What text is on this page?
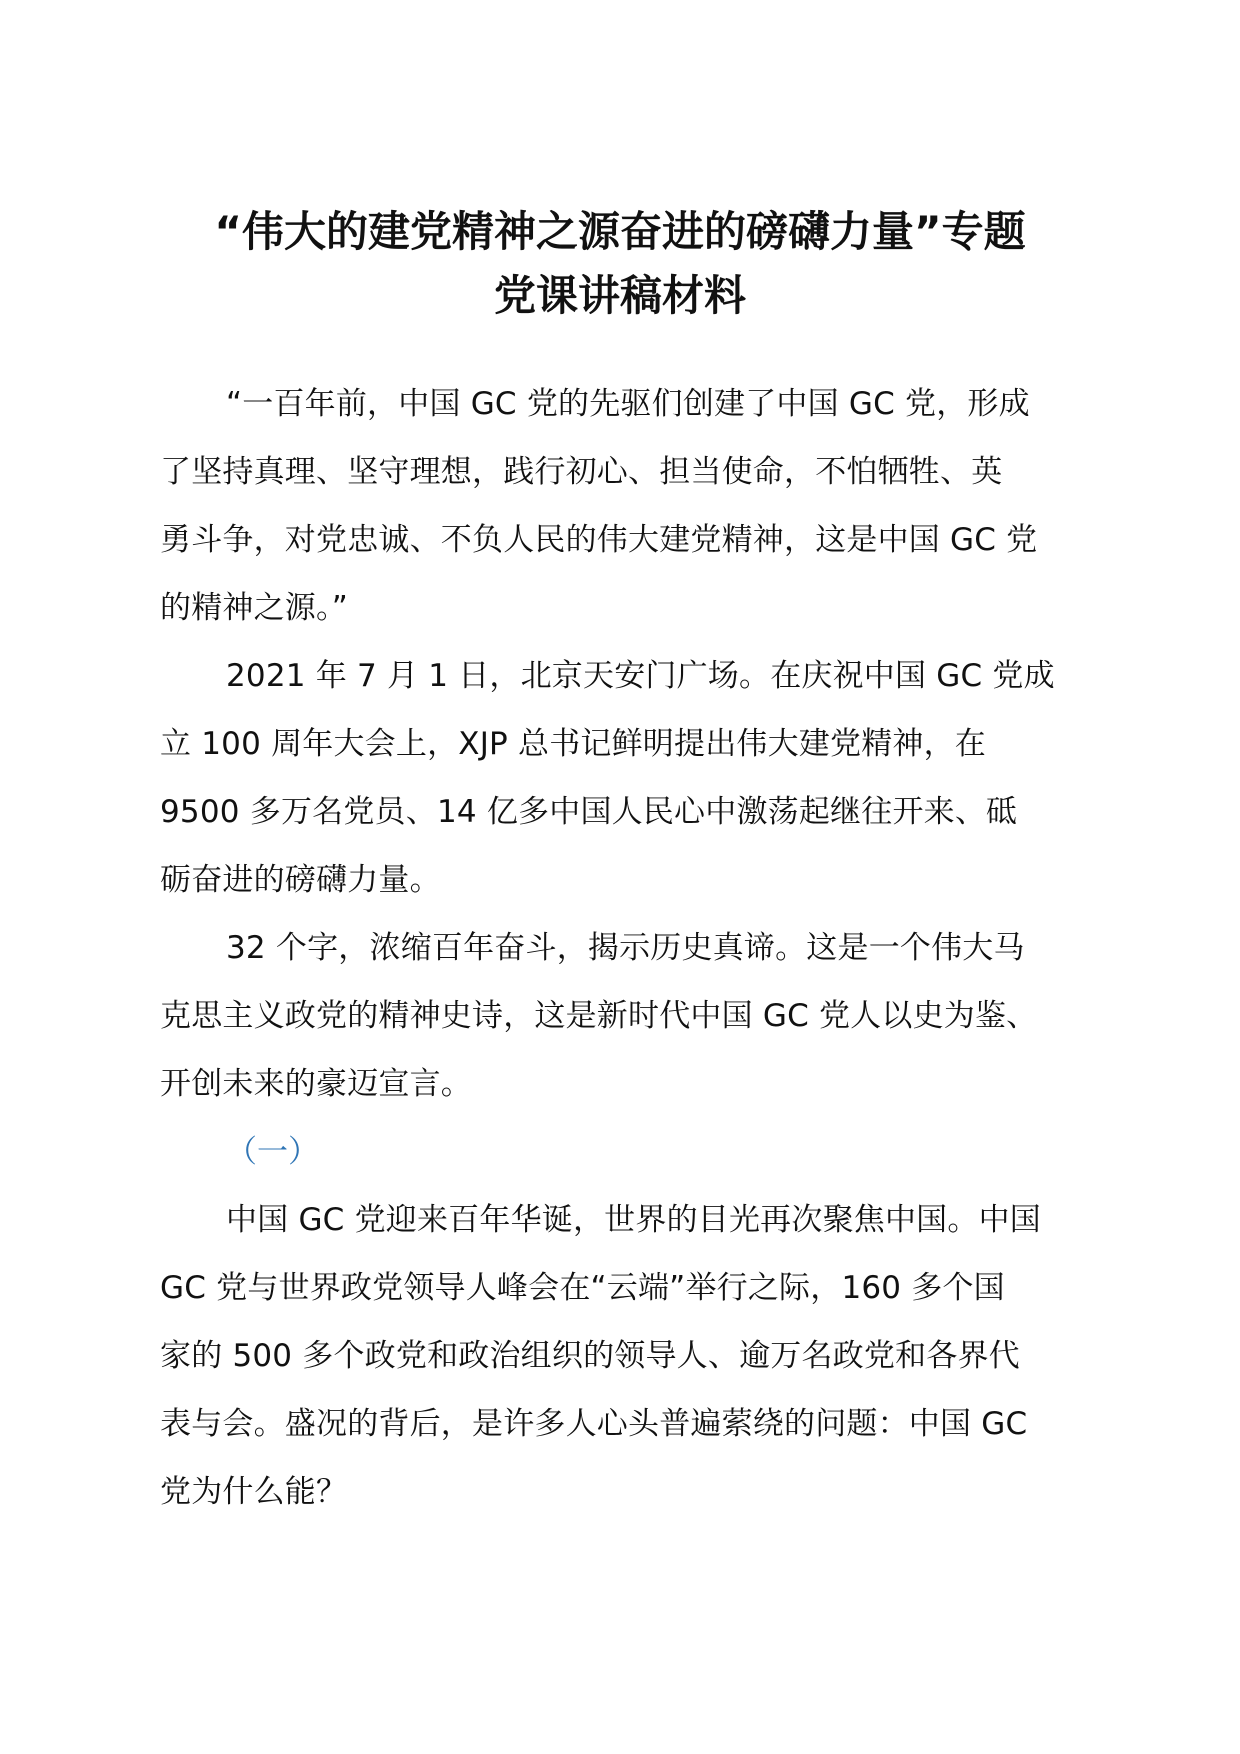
“伟大的建党精神之源奋进的磅礴力量”专题
党课讲稿材料

“一百年前，中国 GC 党的先驱们创建了中国 GC 党，形成
了坚持真理、坚守理想，践行初心、担当使命，不怕牺牲、英
勇斗争，对党忠诚、不负人民的伟大建党精神，这是中国 GC 党
的精神之源。”

2021 年 7 月 1 日，北京天安门广场。在庆祝中国 GC 党成
立 100 周年大会上，XJP 总书记鲜明提出伟大建党精神，在
9500 多万名党员、14 亿多中国人民心中激荡起继往开来、砥
砺奋进的磅礴力量。

32 个字，浓缩百年奋斗，揭示历史真谛。这是一个伟大马
克思主义政党的精神史诗，这是新时代中国 GC 党人以史为鉴、
开创未来的豪迈宣言。

（一）

中国 GC 党迎来百年华诞，世界的目光再次聚焦中国。中国
GC 党与世界政党领导人峰会在“云端”举行之际，160 多个国
家的 500 多个政党和政治组织的领导人、逾万名政党和各界代
表与会。盛况的背后，是许多人心头普遍萦绕的问题：中国 GC
党为什么能？
